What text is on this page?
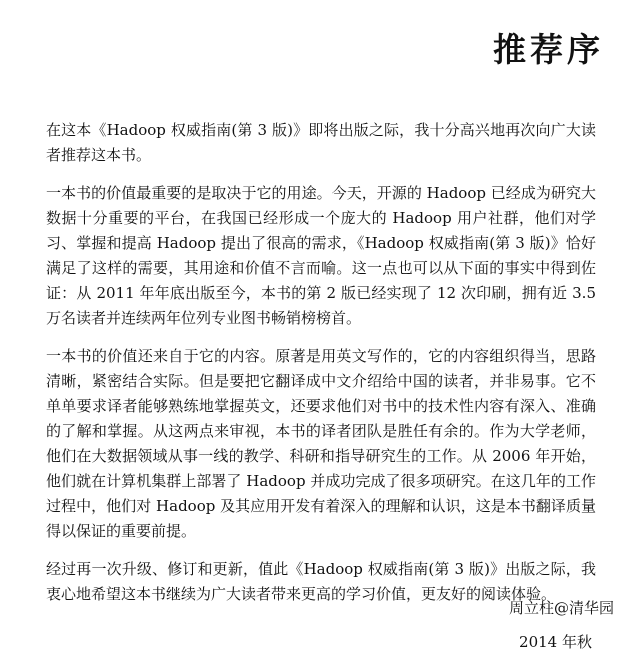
推荐序

在这本《Hadoop 权威指南(第 3 版)》即将出版之际，我十分高兴地再次向广大读者推荐这本书。

一本书的价值最重要的是取决于它的用途。今天，开源的 Hadoop 已经成为研究大数据十分重要的平台，在我国已经形成一个庞大的 Hadoop 用户社群，他们对学习、掌握和提高 Hadoop 提出了很高的需求，《Hadoop 权威指南(第 3 版)》恰好满足了这样的需要，其用途和价值不言而喻。这一点也可以从下面的事实中得到佐证：从 2011 年年底出版至今，本书的第 2 版已经实现了 12 次印刷，拥有近 3.5 万名读者并连续两年位列专业图书畅销榜榜首。

一本书的价值还来自于它的内容。原著是用英文写作的，它的内容组织得当，思路清晰，紧密结合实际。但是要把它翻译成中文介绍给中国的读者，并非易事。它不单单要求译者能够熟练地掌握英文，还要求他们对书中的技术性内容有深入、准确的了解和掌握。从这两点来审视，本书的译者团队是胜任有余的。作为大学老师，他们在大数据领域从事一线的教学、科研和指导研究生的工作。从 2006 年开始，他们就在计算机集群上部署了 Hadoop 并成功完成了很多项研究。在这几年的工作过程中，他们对 Hadoop 及其应用开发有着深入的理解和认识，这是本书翻译质量得以保证的重要前提。

经过再一次升级、修订和更新，值此《Hadoop 权威指南(第 3 版)》出版之际，我衷心地希望这本书继续为广大读者带来更高的学习价值，更友好的阅读体验。

周立柱@清华园
2014 年秋
